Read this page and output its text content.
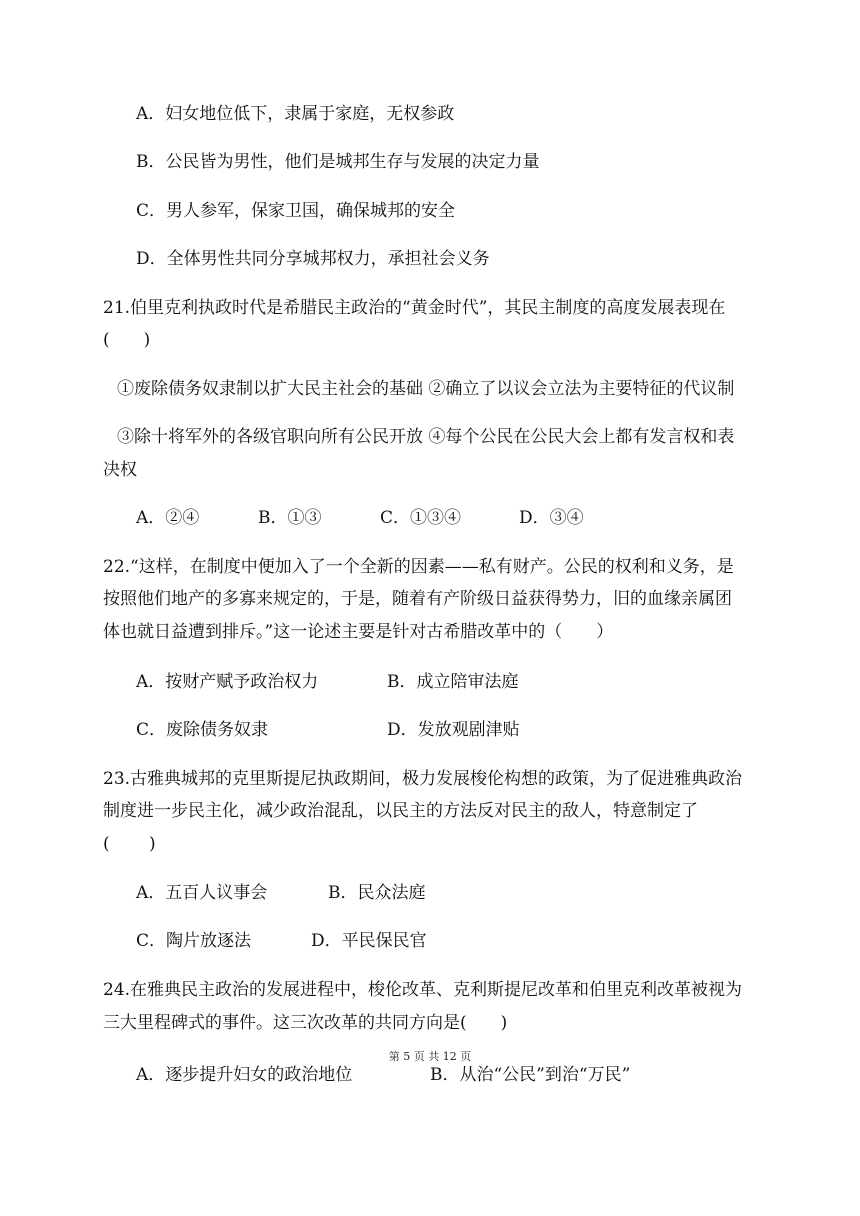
A．妇女地位低下，隶属于家庭，无权参政
B．公民皆为男性，他们是城邦生存与发展的决定力量
C．男人参军，保家卫国，确保城邦的安全
D．全体男性共同分享城邦权力，承担社会义务
21.伯里克利执政时代是希腊民主政治的“黄金时代”，其民主制度的高度发展表现在
(　　)
①废除债务奴隶制以扩大民主社会的基础 ②确立了以议会立法为主要特征的代议制
③除十将军外的各级官职向所有公民开放 ④每个公民在公民大会上都有发言权和表
决权
A．②④	B．①③	C．①③④	D．③④
22.“这样，在制度中便加入了一个全新的因素——私有财产。公民的权利和义务，是
按照他们地产的多寡来规定的，于是，随着有产阶级日益获得势力，旧的血缘亲属团
体也就日益遭到排斥。”这一论述主要是针对古希腊改革中的（　　）
A．按财产赋予政治权力	B．成立陪审法庭
C．废除债务奴隶	D．发放观剧津贴
23.古雅典城邦的克里斯提尼执政期间，极力发展梭伦构想的政策，为了促进雅典政治
制度进一步民主化，减少政治混乱，以民主的方法反对民主的敌人，特意制定了
(　　 )
A．五百人议事会	B．民众法庭
C．陶片放逐法	D．平民保民官
24.在雅典民主政治的发展进程中，梭伦改革、克利斯提尼改革和伯里克利改革被视为
三大里程碑式的事件。这三次改革的共同方向是(　　)
A．逐步提升妇女的政治地位	B．从治“公民”到治“万民”
第 5 页 共 12 页
